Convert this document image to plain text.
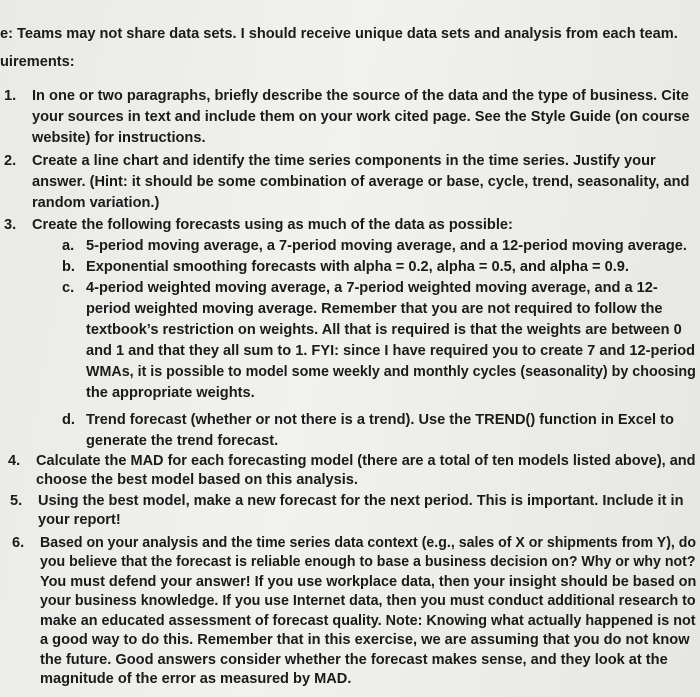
e: Teams may not share data sets. I should receive unique data sets and analysis from each team.
uirements:
1. In one or two paragraphs, briefly describe the source of the data and the type of business. Cite
your sources in text and include them on your work cited page. See the Style Guide (on course
website) for instructions.
2. Create a line chart and identify the time series components in the time series. Justify your
answer. (Hint: it should be some combination of average or base, cycle, trend, seasonality, and
random variation.)
3. Create the following forecasts using as much of the data as possible:
a. 5-period moving average, a 7-period moving average, and a 12-period moving average.
b. Exponential smoothing forecasts with alpha = 0.2, alpha = 0.5, and alpha = 0.9.
c. 4-period weighted moving average, a 7-period weighted moving average, and a 12-
period weighted moving average. Remember that you are not required to follow the
textbook’s restriction on weights. All that is required is that the weights are between 0
and 1 and that they all sum to 1. FYI: since I have required you to create 7 and 12-period
WMAs, it is possible to model some weekly and monthly cycles (seasonality) by choosing
the appropriate weights.
d. Trend forecast (whether or not there is a trend). Use the TREND() function in Excel to
generate the trend forecast.
4. Calculate the MAD for each forecasting model (there are a total of ten models listed above), and
choose the best model based on this analysis.
5. Using the best model, make a new forecast for the next period. This is important. Include it in
your report!
6. Based on your analysis and the time series data context (e.g., sales of X or shipments from Y), do
you believe that the forecast is reliable enough to base a business decision on? Why or why not?
You must defend your answer! If you use workplace data, then your insight should be based on
your business knowledge. If you use Internet data, then you must conduct additional research to
make an educated assessment of forecast quality. Note: Knowing what actually happened is not
a good way to do this. Remember that in this exercise, we are assuming that you do not know
the future. Good answers consider whether the forecast makes sense, and they look at the
magnitude of the error as measured by MAD.
